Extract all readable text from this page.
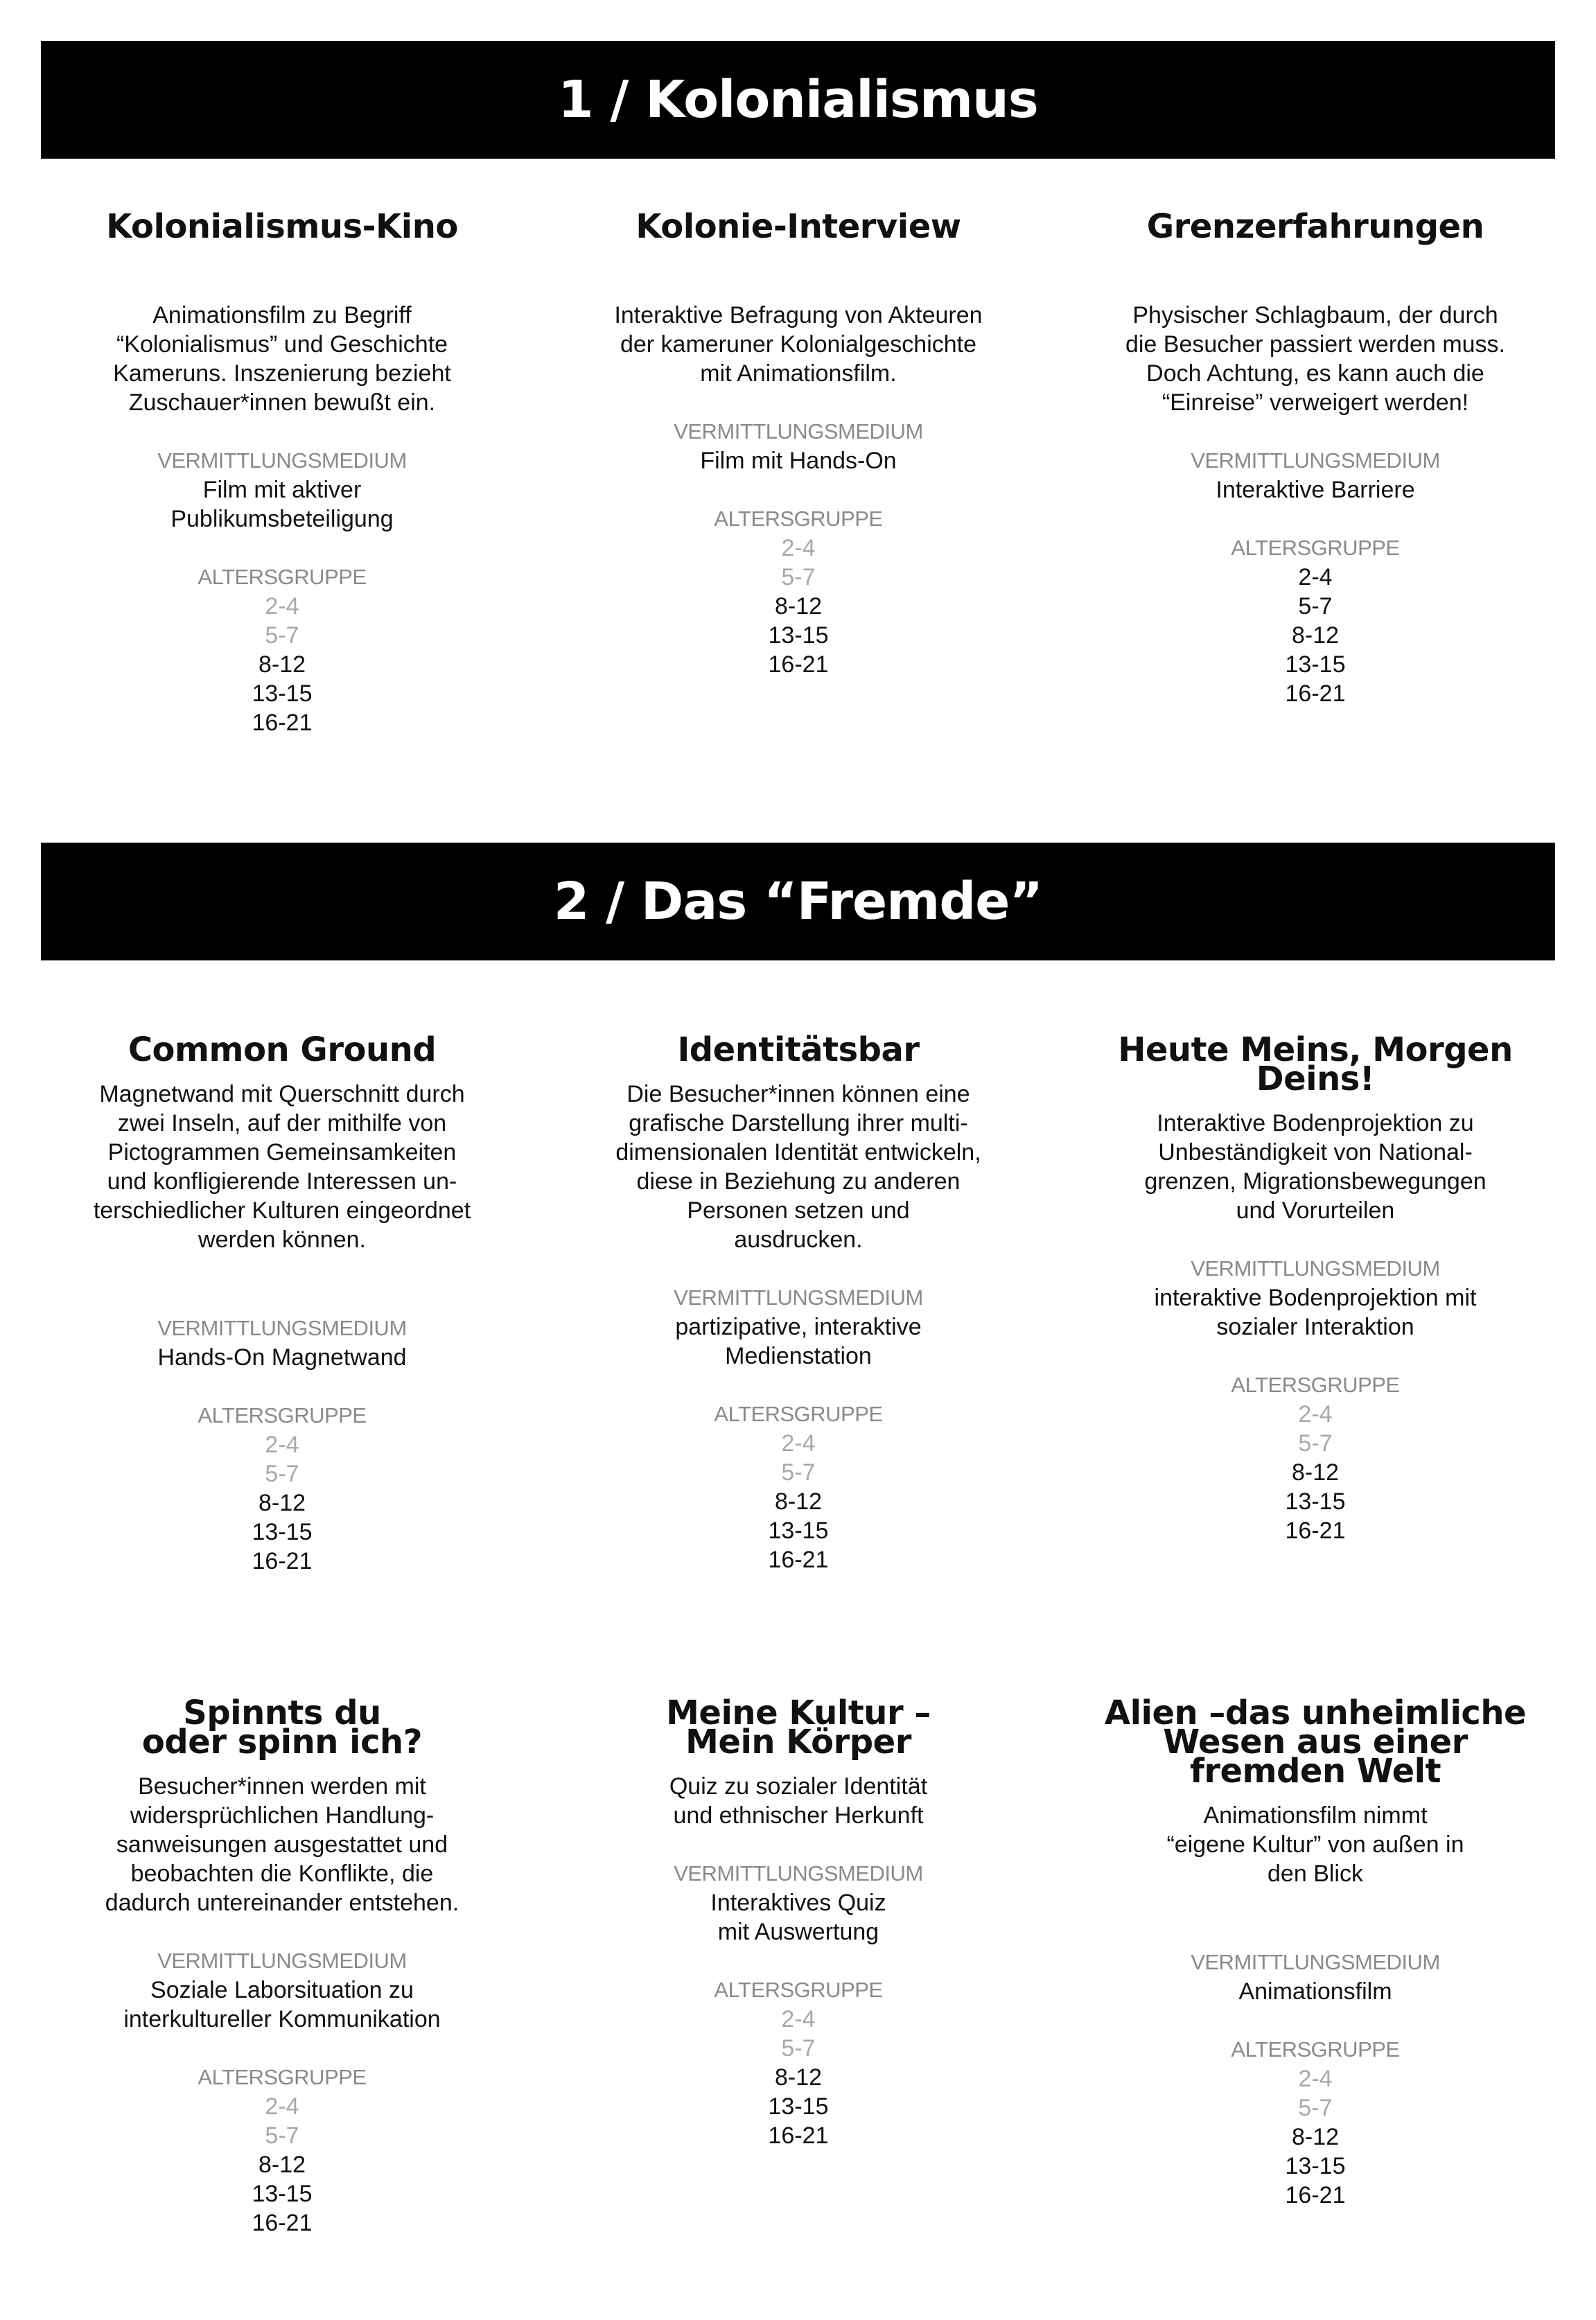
1 / Kolonialismus
2 / Das “Fremde”
Kolonialismus-Kino
Animationsfilm zu Begriff
“Kolonialismus” und Geschichte
Kameruns. Inszenierung bezieht
Zuschauer*innen bewußt ein.
VERMITTLUNGSMEDIUM
Film mit aktiver
Publikumsbeteiligung
ALTERSGRUPPE
2-4
5-7
8-12
13-15
16-21
Kolonie-Interview
Interaktive Befragung von Akteuren
der kameruner Kolonialgeschichte
mit Animationsfilm.
VERMITTLUNGSMEDIUM
Film mit Hands-On
ALTERSGRUPPE
2-4
5-7
8-12
13-15
16-21
Grenzerfahrungen
Physischer Schlagbaum, der durch
die Besucher passiert werden muss.
Doch Achtung, es kann auch die
“Einreise” verweigert werden!
VERMITTLUNGSMEDIUM
Interaktive Barriere
ALTERSGRUPPE
2-4
5-7
8-12
13-15
16-21
Common Ground
Magnetwand mit Querschnitt durch
zwei Inseln, auf der mithilfe von
Pictogrammen Gemeinsamkeiten
und konfligierende Interessen un-
terschiedlicher Kulturen eingeordnet
werden können.
VERMITTLUNGSMEDIUM
Hands-On Magnetwand
ALTERSGRUPPE
2-4
5-7
8-12
13-15
16-21
Identitätsbar
Die Besucher*innen können eine
grafische Darstellung ihrer multi-
dimensionalen Identität entwickeln,
diese in Beziehung zu anderen
Personen setzen und
ausdrucken.
VERMITTLUNGSMEDIUM
partizipative, interaktive
Medienstation
ALTERSGRUPPE
2-4
5-7
8-12
13-15
16-21
Heute Meins, Morgen
Deins!
Interaktive Bodenprojektion zu
Unbeständigkeit von National-
grenzen, Migrationsbewegungen
und Vorurteilen
VERMITTLUNGSMEDIUM
interaktive Bodenprojektion mit
sozialer Interaktion
ALTERSGRUPPE
2-4
5-7
8-12
13-15
16-21
Spinnts du
oder spinn ich?
Besucher*innen werden mit
widersprüchlichen Handlung-
sanweisungen ausgestattet und
beobachten die Konflikte, die
dadurch untereinander entstehen.
VERMITTLUNGSMEDIUM
Soziale Laborsituation zu
interkultureller Kommunikation
ALTERSGRUPPE
2-4
5-7
8-12
13-15
16-21
Meine Kultur –
Mein Körper
Quiz zu sozialer Identität
und ethnischer Herkunft
VERMITTLUNGSMEDIUM
Interaktives Quiz
mit Auswertung
ALTERSGRUPPE
2-4
5-7
8-12
13-15
16-21
Alien –das unheimliche
Wesen aus einer
fremden Welt
Animationsfilm nimmt
“eigene Kultur” von außen in
den Blick
VERMITTLUNGSMEDIUM
Animationsfilm
ALTERSGRUPPE
2-4
5-7
8-12
13-15
16-21
